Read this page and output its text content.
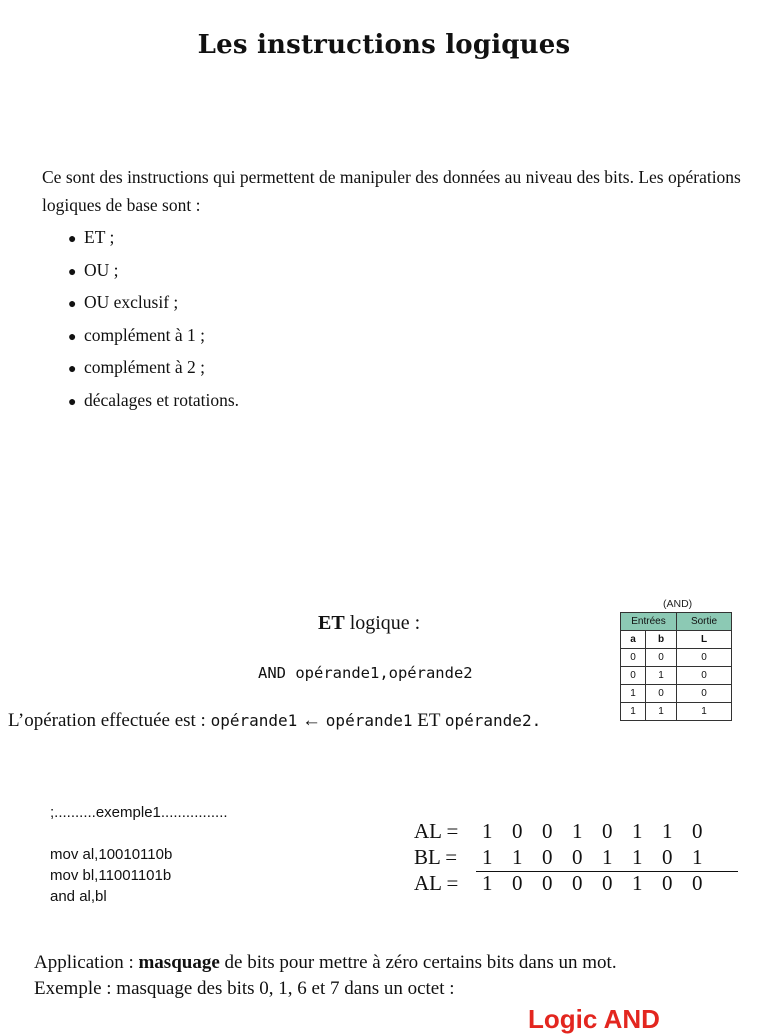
Les instructions logiques
Ce sont des instructions qui permettent de manipuler des données au niveau des bits. Les opérations logiques de base sont :
● ET ;
● OU ;
● OU exclusif ;
● complément à 1 ;
● complément à 2 ;
● décalages et rotations.
ET logique :
AND opérande1,opérande2
L’opération effectuée est : opérande1 ← opérande1 ET opérande2.
(AND)
Entrées		Sortie
a	b	L
0	0	0
0	1	0
1	0	0
1	1	1
;..........exemple1................
mov al,10010110b
mov bl,11001101b
and al,bl
AL = 1 0 0 1 0 1 1 0
BL = 1 1 0 0 1 1 0 1
AL = 1 0 0 0 0 1 0 0
Application : masquage de bits pour mettre à zéro certains bits dans un mot.
Exemple : masquage des bits 0, 1, 6 et 7 dans un octet :
Logic AND
